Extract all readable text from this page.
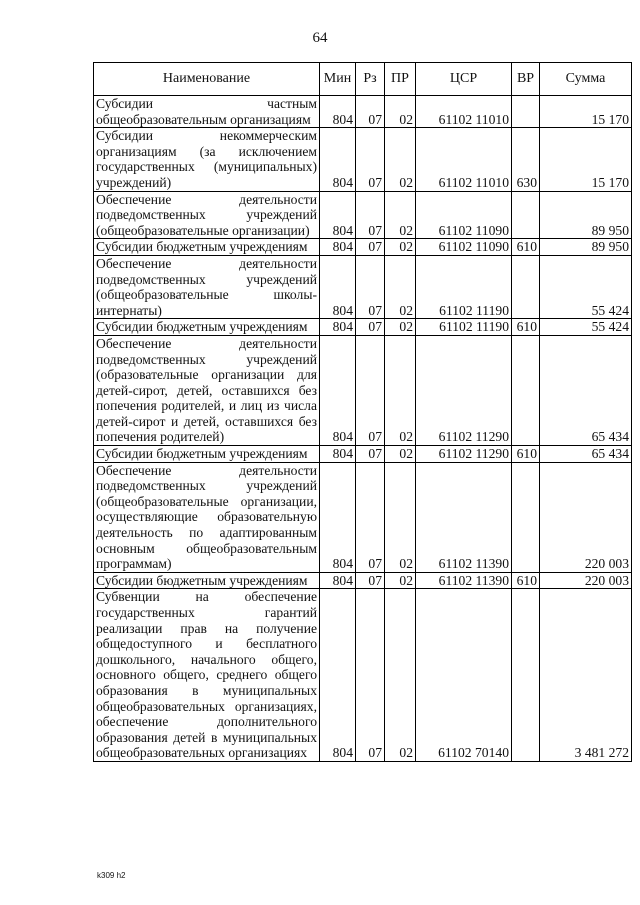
64
Наименование	Мин	Рз	ПР	ЦСР	ВР	Сумма
Субсидии частным общеобразовательным организациям	804	07	02	61102 11010		15 170
Субсидии некоммерческим организациям (за исключением государственных (муниципальных) учреждений)	804	07	02	61102 11010	630	15 170
Обеспечение деятельности подведомственных учреждений (общеобразовательные организации)	804	07	02	61102 11090		89 950
Субсидии бюджетным учреждениям	804	07	02	61102 11090	610	89 950
Обеспечение деятельности подведомственных учреждений (общеобразовательные школы-интернаты)	804	07	02	61102 11190		55 424
Субсидии бюджетным учреждениям	804	07	02	61102 11190	610	55 424
Обеспечение деятельности подведомственных учреждений (образовательные организации для детей-сирот, детей, оставшихся без попечения родителей, и лиц из числа детей-сирот и детей, оставшихся без попечения родителей)	804	07	02	61102 11290		65 434
Субсидии бюджетным учреждениям	804	07	02	61102 11290	610	65 434
Обеспечение деятельности подведомственных учреждений (общеобразовательные организации, осуществляющие образовательную деятельность по адаптированным основным общеобразовательным программам)	804	07	02	61102 11390		220 003
Субсидии бюджетным учреждениям	804	07	02	61102 11390	610	220 003
Субвенции на обеспечение государственных гарантий реализации прав на получение общедоступного и бесплатного дошкольного, начального общего, основного общего, среднего общего образования в муниципальных общеобразовательных организациях, обеспечение дополнительного образования детей в муниципальных общеобразовательных организациях	804	07	02	61102 70140		3 481 272
k309 h2
